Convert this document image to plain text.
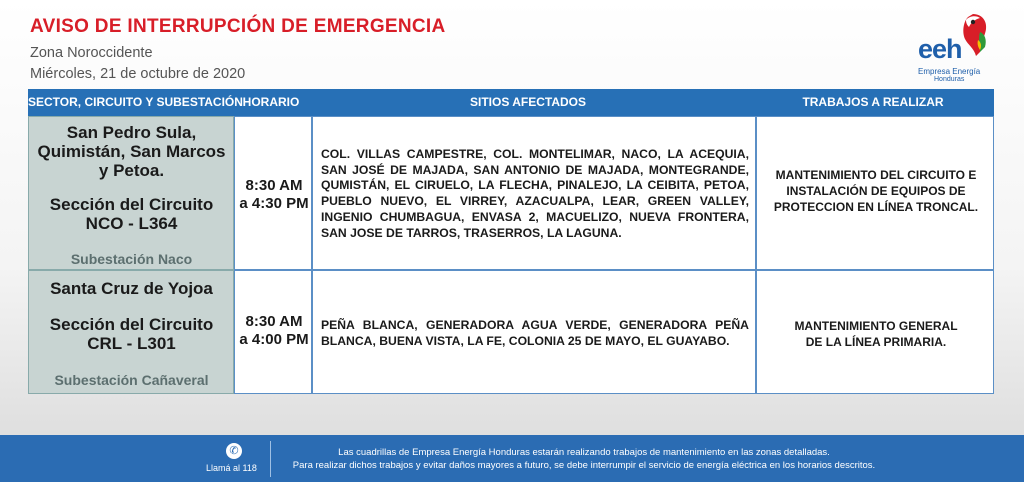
AVISO DE INTERRUPCIÓN DE EMERGENCIA
Zona Noroccidente
Miércoles, 21 de octubre de 2020
eeh
Empresa Energía
Honduras
SECTOR, CIRCUITO Y SUBESTACIÓN HORARIO	SITIOS AFECTADOS	TRABAJOS A REALIZAR
San Pedro Sula,
Quimistán, San Marcos
y Petoa.
Sección del Circuito
NCO - L364
Subestación Naco
8:30 AM
a 4:30 PM
COL. VILLAS CAMPESTRE, COL. MONTELIMAR, NACO, LA ACEQUIA, SAN JOSÉ DE MAJADA, SAN ANTONIO DE MAJADA, MONTEGRANDE, QUMISTÁN, EL CIRUELO, LA FLECHA, PINALEJO, LA CEIBITA, PETOA, PUEBLO NUEVO, EL VIRREY, AZACUALPA, LEAR, GREEN VALLEY, INGENIO CHUMBAGUA, ENVASA 2, MACUELIZO, NUEVA FRONTERA, SAN JOSE DE TARROS, TRASERROS, LA LAGUNA.
MANTENIMIENTO DEL CIRCUITO E
INSTALACIÓN DE EQUIPOS DE
PROTECCION EN LÍNEA TRONCAL.
Santa Cruz de Yojoa
Sección del Circuito
CRL - L301
Subestación Cañaveral
8:30 AM
a 4:00 PM
PEÑA BLANCA, GENERADORA AGUA VERDE, GENERADORA PEÑA BLANCA, BUENA VISTA, LA FE, COLONIA 25 DE MAYO, EL GUAYABO.
MANTENIMIENTO GENERAL
DE LA LÍNEA PRIMARIA.
✆
Llamá al 118
Las cuadrillas de Empresa Energía Honduras estarán realizando trabajos de mantenimiento en las zonas detalladas.
Para realizar dichos trabajos y evitar daños mayores a futuro, se debe interrumpir el servicio de energía eléctrica en los horarios descritos.
